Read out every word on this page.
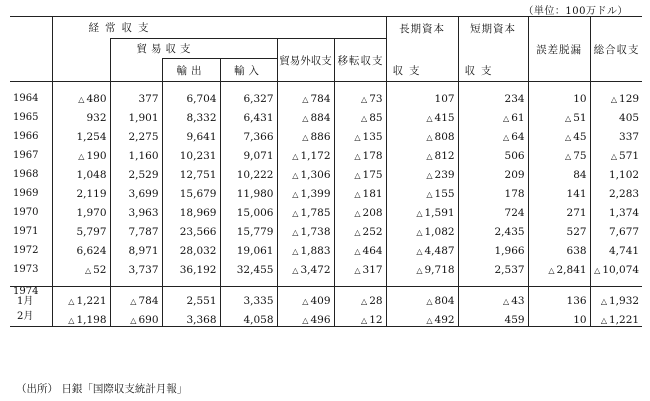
（単位：100万ドル）
	経常収支						長期資本	短期資本	誤差脱漏	総合収支
		貿易収支			貿易外収支	移転収支				
			輸出	輸入			収支	収支		

1964	△ 480	377	6,704	6,327	△ 784	△ 73	107	234	10	△ 129
1965	932	1,901	8,332	6,431	△ 884	△ 85	△ 415	△ 61	△ 51	405
1966	1,254	2,275	9,641	7,366	△ 886	△ 135	△ 808	△ 64	△ 45	337
1967	△ 190	1,160	10,231	9,071	△ 1,172	△ 178	△ 812	506	△ 75	△ 571
1968	1,048	2,529	12,751	10,222	△ 1,306	△ 175	△ 239	209	84	1,102
1969	2,119	3,699	15,679	11,980	△ 1,399	△ 181	△ 155	178	141	2,283
1970	1,970	3,963	18,969	15,006	△ 1,785	△ 208	△ 1,591	724	271	1,374
1971	5,797	7,787	23,566	15,779	△ 1,738	△ 252	△ 1,082	2,435	527	7,677
1972	6,624	8,971	28,032	19,061	△ 1,883	△ 464	△ 4,487	1,966	638	4,741
1973	△ 52	3,737	36,192	32,455	△ 3,472	△ 317	△ 9,718	2,537	△ 2,841	△ 10,074

1974
1月	△ 1,221	△ 784	2,551	3,335	△ 409	△ 28	△ 804	△ 43	136	△ 1,932

2月	△ 1,198	△ 690	3,368	4,058	△ 496	△ 12	△ 492	459	10	△ 1,221
（出所） 日銀「国際収支統計月報」
